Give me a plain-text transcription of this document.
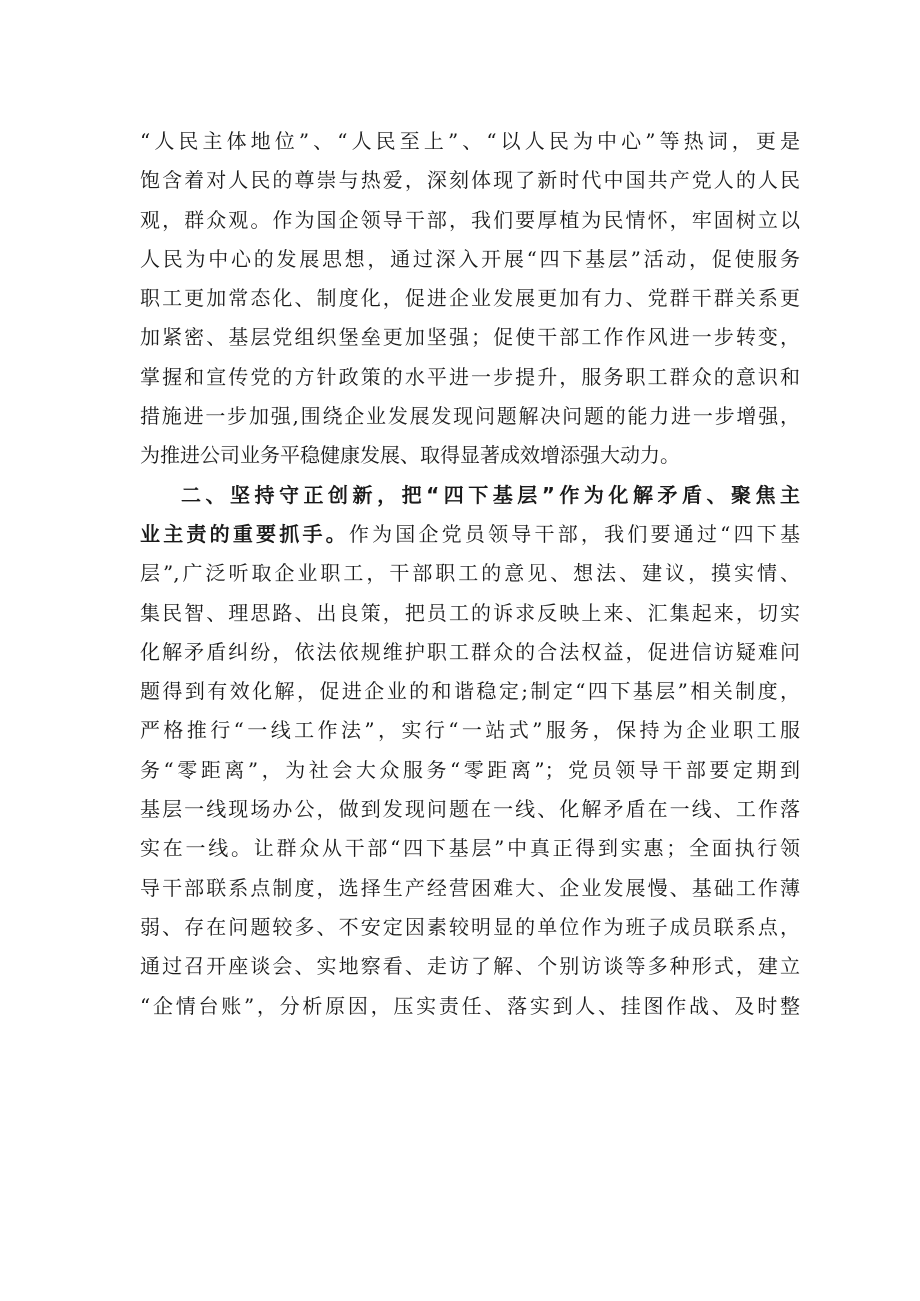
“人民主体地位”、“人民至上”、“以人民为中心”等热词，更是
饱含着对人民的尊崇与热爱，深刻体现了新时代中国共产党人的人民
观，群众观。作为国企领导干部，我们要厚植为民情怀，牢固树立以
人民为中心的发展思想，通过深入开展“四下基层”活动，促使服务
职工更加常态化、制度化，促进企业发展更加有力、党群干群关系更
加紧密、基层党组织堡垒更加坚强；促使干部工作作风进一步转变，
掌握和宣传党的方针政策的水平进一步提升，服务职工群众的意识和
措施进一步加强,围绕企业发展发现问题解决问题的能力进一步增强，
为推进公司业务平稳健康发展、取得显著成效增添强大动力。
二、坚持守正创新，把“四下基层”作为化解矛盾、聚焦主
业主责的重要抓手。作为国企党员领导干部，我们要通过“四下基
层”,广泛听取企业职工，干部职工的意见、想法、建议，摸实情、
集民智、理思路、出良策，把员工的诉求反映上来、汇集起来，切实
化解矛盾纠纷，依法依规维护职工群众的合法权益，促进信访疑难问
题得到有效化解，促进企业的和谐稳定;制定“四下基层”相关制度，
严格推行“一线工作法”，实行“一站式”服务，保持为企业职工服
务“零距离”，为社会大众服务“零距离”；党员领导干部要定期到
基层一线现场办公，做到发现问题在一线、化解矛盾在一线、工作落
实在一线。让群众从干部“四下基层”中真正得到实惠；全面执行领
导干部联系点制度，选择生产经营困难大、企业发展慢、基础工作薄
弱、存在问题较多、不安定因素较明显的单位作为班子成员联系点，
通过召开座谈会、实地察看、走访了解、个别访谈等多种形式，建立
“企情台账”，分析原因，压实责任、落实到人、挂图作战、及时整
